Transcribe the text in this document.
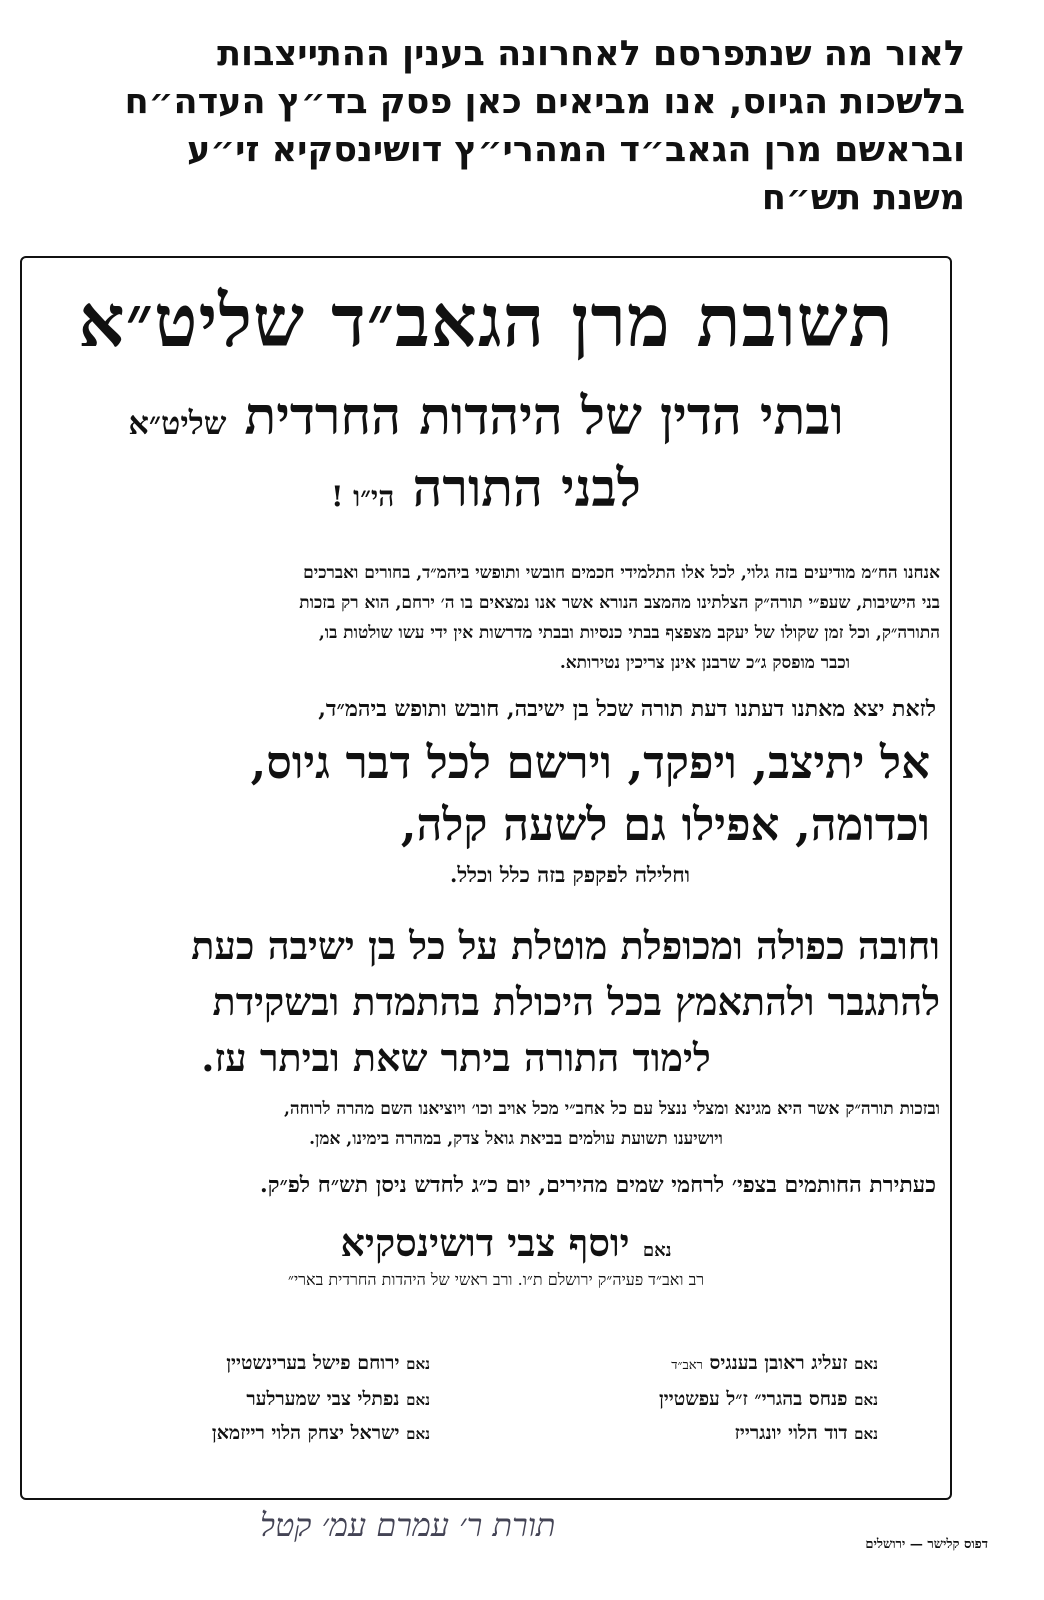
לאור מה שנתפרסם לאחרונה בענין ההתייצבות
בלשכות הגיוס, אנו מביאים כאן פסק בד״ץ העדה״ח
ובראשם מרן הגאב״ד המהרי״ץ דושינסקיא זי״ע
משנת תש״ח
תשובת מרן הגאב״ד שליט״א
ובתי הדין של היהדות החרדית שליט״א
לבני התורה הי״ו !
אנחנו הח״מ מודיעים בזה גלוי, לכל אלו התלמידי חכמים חובשי ותופשי ביהמ״ד, בחורים ואברכים
בני הישיבות, שעפ״י תורה״ק הצלתינו מהמצב הנורא אשר אנו נמצאים בו ה׳ ירחם, הוא רק בזכות
התורה״ק, וכל זמן שקולו של יעקב מצפצף בבתי כנסיות ובבתי מדרשות אין ידי עשו שולטות בו,
וכבר מופסק ג״כ שרבנן אינן צריכין נטירותא.
לזאת יצא מאתנו דעתנו דעת תורה שכל בן ישיבה, חובש ותופש ביהמ״ד,
אל יתיצב, ויפקד, וירשם לכל דבר גיוס,
וכדומה, אפילו גם לשעה קלה,
וחלילה לפקפק בזה כלל וכלל.
וחובה כפולה ומכופלת מוטלת על כל בן ישיבה כעת
להתגבר ולהתאמץ בכל היכולת בהתמדת ובשקידת
לימוד התורה ביתר שאת וביתר עז.
ובזכות תורה״ק אשר היא מגינא ומצלי ננצל עם כל אחב״י מכל אויב וכו׳ ויוציאנו השם מהרה לרוחה,
ויושיענו תשועת עולמים בביאת גואל צדק, במהרה בימינו, אמן.
כעתירת החותמים בצפי׳ לרחמי שמים מהירים, יום כ״ג לחדש ניסן תש״ח לפ״ק.
נאם יוסף צבי דושינסקיא
רב ואב״ד פעיה״ק ירושלם ת״ו. ורב ראשי של היהדות החרדית בארי״
נאם זעליג ראובן בענגיס ראב״ד
נאם פנחס בהגרי״ ז״ל עפשטיין
נאם דוד הלוי יונגרייז
נאם ירוחם פישל בערינשטיין
נאם נפתלי צבי שמערלער
נאם ישראל יצחק הלוי רייזמאן
תורת ר׳ עמרם עמ׳ קטל
דפוס קלישר — ירושלים
